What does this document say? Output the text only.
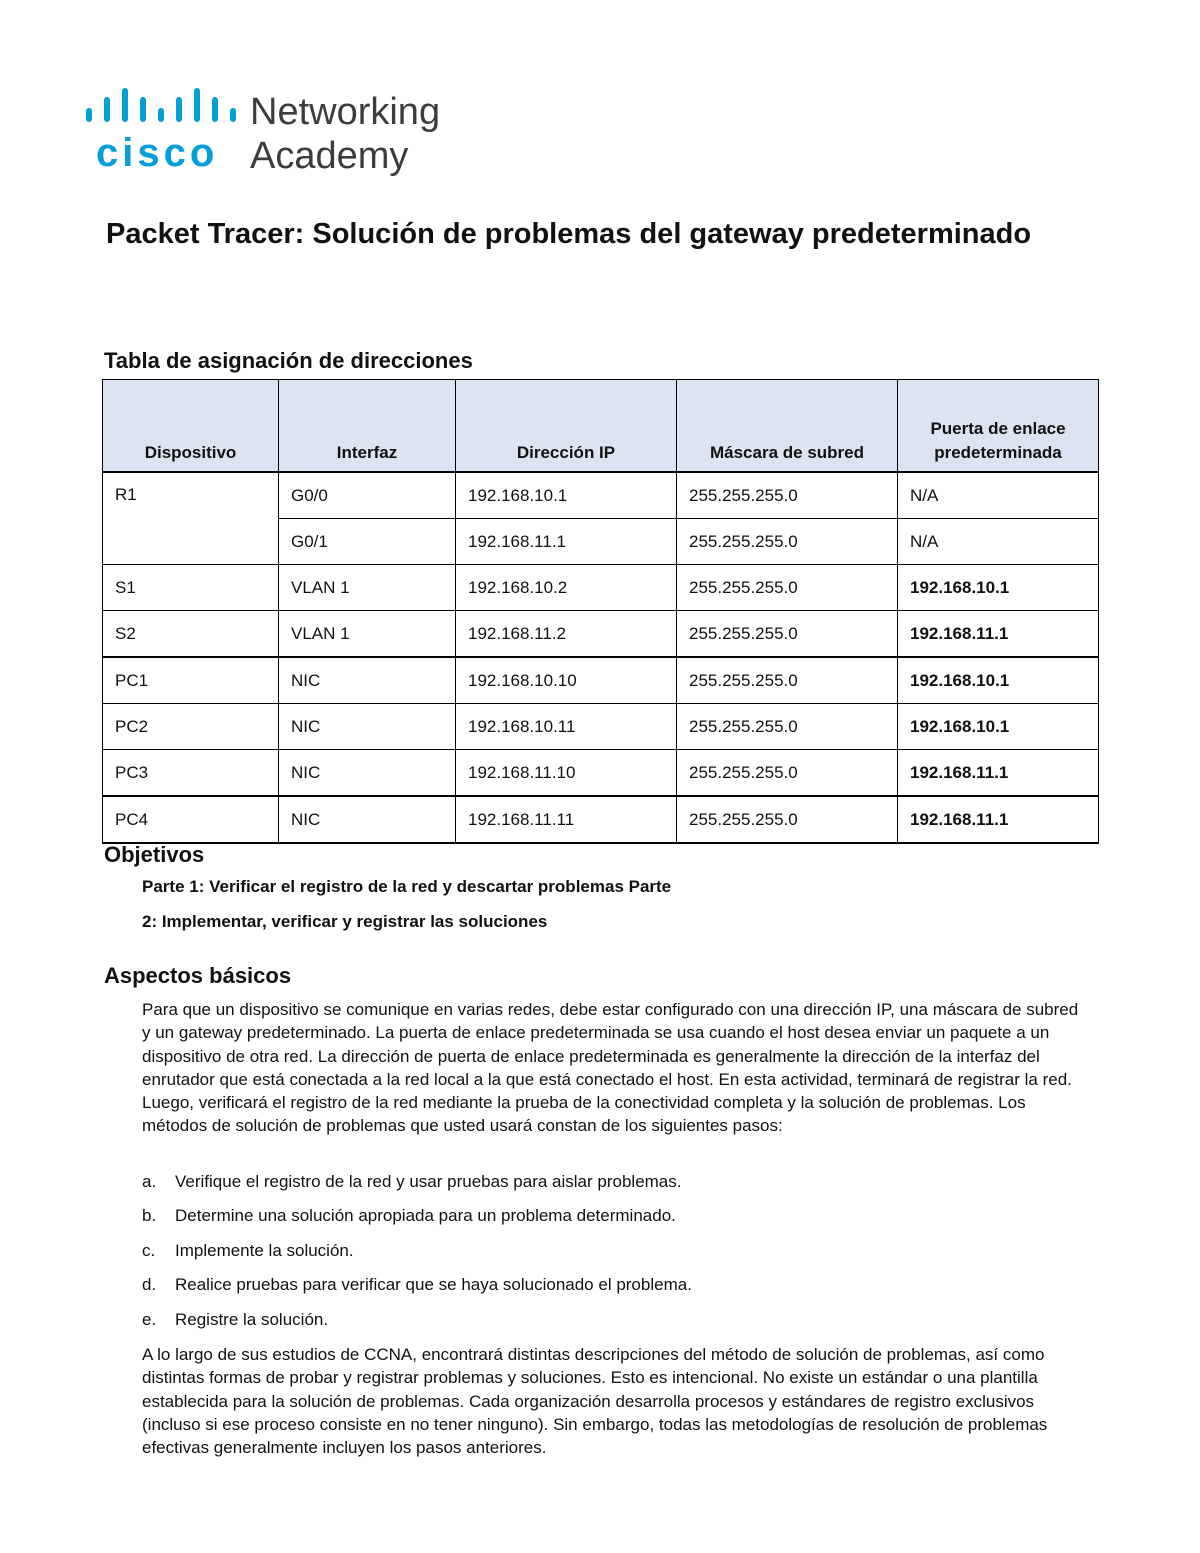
cisco
Networking
Academy
Packet Tracer: Solución de problemas del gateway predeterminado
Tabla de asignación de direcciones
Dispositivo	Interfaz	Dirección IP	Máscara de subred	Puerta de enlace predeterminada
R1	G0/0	192.168.10.1	255.255.255.0	N/A
	G0/1	192.168.11.1	255.255.255.0	N/A
S1	VLAN 1	192.168.10.2	255.255.255.0	192.168.10.1
S2	VLAN 1	192.168.11.2	255.255.255.0	192.168.11.1
PC1	NIC	192.168.10.10	255.255.255.0	192.168.10.1
PC2	NIC	192.168.10.11	255.255.255.0	192.168.10.1
PC3	NIC	192.168.11.10	255.255.255.0	192.168.11.1
PC4	NIC	192.168.11.11	255.255.255.0	192.168.11.1
Objetivos

Parte 1: Verificar el registro de la red y descartar problemas Parte

2: Implementar, verificar y registrar las soluciones

Aspectos básicos

Para que un dispositivo se comunique en varias redes, debe estar configurado con una dirección IP, una máscara de subred y un gateway predeterminado. La puerta de enlace predeterminada se usa cuando el host desea enviar un paquete a un dispositivo de otra red. La dirección de puerta de enlace predeterminada es generalmente la dirección de la interfaz del enrutador que está conectada a la red local a la que está conectado el host. En esta actividad, terminará de registrar la red. Luego, verificará el registro de la red mediante la prueba de la conectividad completa y la solución de problemas. Los métodos de solución de problemas que usted usará constan de los siguientes pasos:

a. Verifique el registro de la red y usar pruebas para aislar problemas.
b. Determine una solución apropiada para un problema determinado.
c. Implemente la solución.
d. Realice pruebas para verificar que se haya solucionado el problema.
e. Registre la solución.

A lo largo de sus estudios de CCNA, encontrará distintas descripciones del método de solución de problemas, así como distintas formas de probar y registrar problemas y soluciones. Esto es intencional. No existe un estándar o una plantilla establecida para la solución de problemas. Cada organización desarrolla procesos y estándares de registro exclusivos (incluso si ese proceso consiste en no tener ninguno). Sin embargo, todas las metodologías de resolución de problemas efectivas generalmente incluyen los pasos anteriores.
